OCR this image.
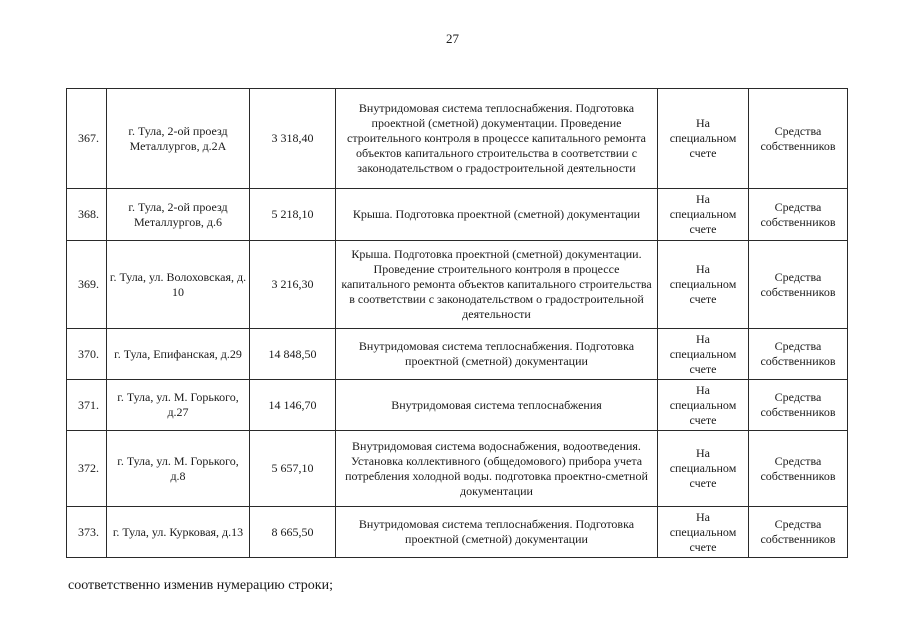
27
367.	г. Тула, 2-ой проезд Металлургов, д.2А	3 318,40	Внутридомовая система теплоснабжения. Подготовка проектной (сметной) документации. Проведение строительного контроля в процессе капитального ремонта объектов капитального строительства в соответствии с законодательством о градостроительной деятельности	На специальном счете	Средства собственников
368.	г. Тула, 2-ой проезд Металлургов, д.6	5 218,10	Крыша. Подготовка проектной (сметной) документации	На специальном счете	Средства собственников
369.	г. Тула, ул. Волоховская, д. 10	3 216,30	Крыша. Подготовка проектной (сметной) документации. Проведение строительного контроля в процессе капитального ремонта объектов капитального строительства в соответствии с законодательством о градостроительной деятельности	На специальном счете	Средства собственников
370.	г. Тула, Епифанская, д.29	14 848,50	Внутридомовая система теплоснабжения. Подготовка проектной (сметной) документации	На специальном счете	Средства собственников
371.	г. Тула, ул. М. Горького, д.27	14 146,70	Внутридомовая система теплоснабжения	На специальном счете	Средства собственников
372.	г. Тула, ул. М. Горького, д.8	5 657,10	Внутридомовая система водоснабжения, водоотведения. Установка коллективного (общедомового) прибора учета потребления холодной воды. подготовка проектно-сметной документации	На специальном счете	Средства собственников
373.	г. Тула, ул. Курковая, д.13	8 665,50	Внутридомовая система теплоснабжения. Подготовка проектной (сметной) документации	На специальном счете	Средства собственников
соответственно изменив нумерацию строки;
